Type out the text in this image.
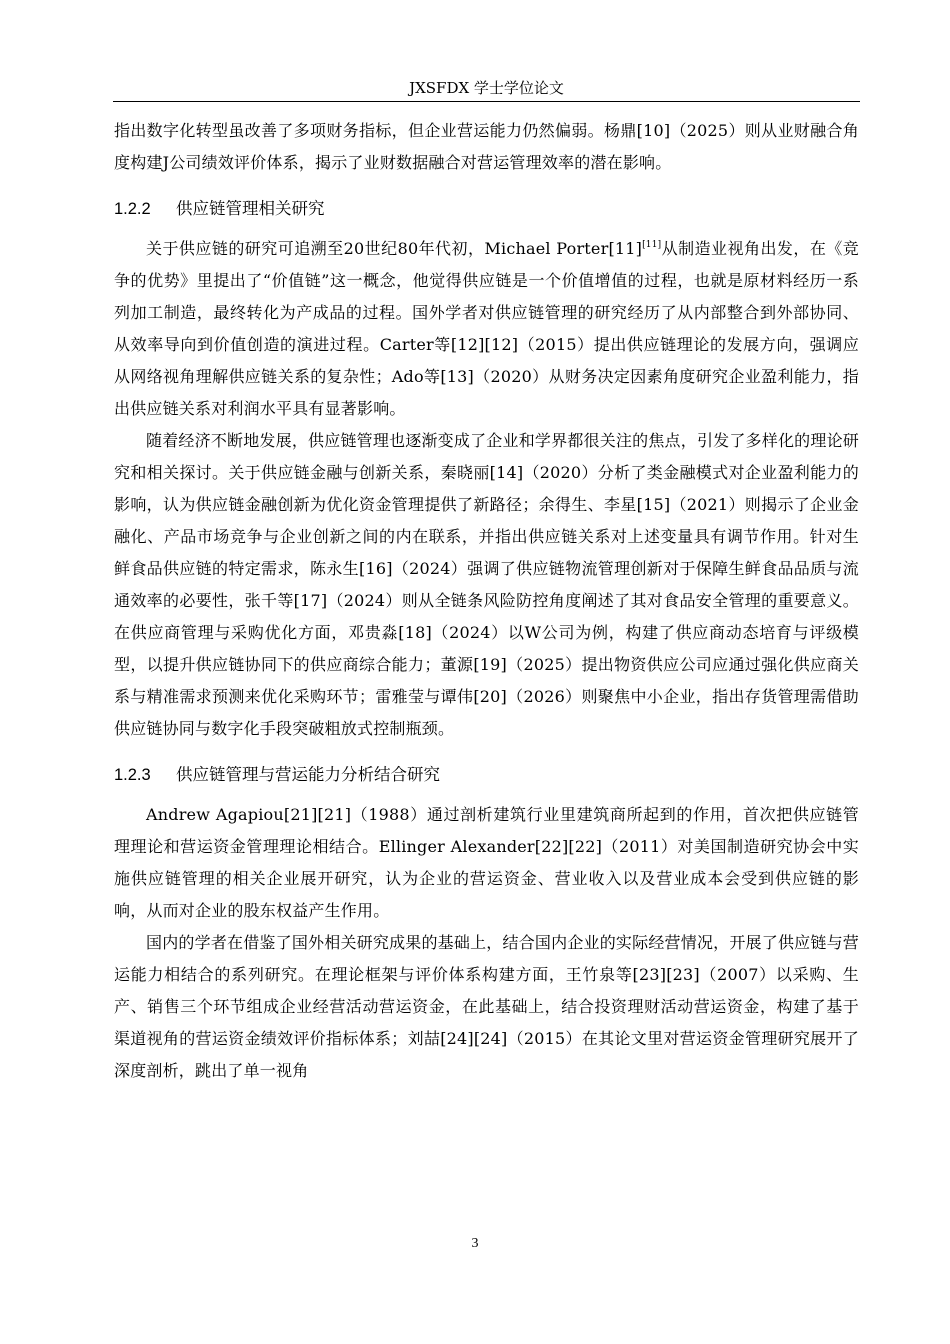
JXSFDX 学士学位论文

指出数字化转型虽改善了多项财务指标，但企业营运能力仍然偏弱。杨鼎[10]（2025）则从业财融合角度构建J公司绩效评价体系，揭示了业财数据融合对营运管理效率的潜在影响。

1.2.2 供应链管理相关研究

关于供应链的研究可追溯至20世纪80年代初，Michael Porter[11][11]从制造业视角出发，在《竞争的优势》里提出了“价值链”这一概念，他觉得供应链是一个价值增值的过程，也就是原材料经历一系列加工制造，最终转化为产成品的过程。国外学者对供应链管理的研究经历了从内部整合到外部协同、从效率导向到价值创造的演进过程。Carter等[12][12]（2015）提出供应链理论的发展方向，强调应从网络视角理解供应链关系的复杂性；Ado等[13]（2020）从财务决定因素角度研究企业盈利能力，指出供应链关系对利润水平具有显著影响。

随着经济不断地发展，供应链管理也逐渐变成了企业和学界都很关注的焦点，引发了多样化的理论研究和相关探讨。关于供应链金融与创新关系，秦晓丽[14]（2020）分析了类金融模式对企业盈利能力的影响，认为供应链金融创新为优化资金管理提供了新路径；余得生、李星[15]（2021）则揭示了企业金融化、产品市场竞争与企业创新之间的内在联系，并指出供应链关系对上述变量具有调节作用。针对生鲜食品供应链的特定需求，陈永生[16]（2024）强调了供应链物流管理创新对于保障生鲜食品品质与流通效率的必要性，张千等[17]（2024）则从全链条风险防控角度阐述了其对食品安全管理的重要意义。在供应商管理与采购优化方面，邓贵淼[18]（2024）以W公司为例，构建了供应商动态培育与评级模型，以提升供应链协同下的供应商综合能力；董源[19]（2025）提出物资供应公司应通过强化供应商关系与精准需求预测来优化采购环节；雷雅莹与谭伟[20]（2026）则聚焦中小企业，指出存货管理需借助供应链协同与数字化手段突破粗放式控制瓶颈。

1.2.3 供应链管理与营运能力分析结合研究

Andrew Agapiou[21][21]（1988）通过剖析建筑行业里建筑商所起到的作用，首次把供应链管理理论和营运资金管理理论相结合。Ellinger Alexander[22][22]（2011）对美国制造研究协会中实施供应链管理的相关企业展开研究，认为企业的营运资金、营业收入以及营业成本会受到供应链的影响，从而对企业的股东权益产生作用。

国内的学者在借鉴了国外相关研究成果的基础上，结合国内企业的实际经营情况，开展了供应链与营运能力相结合的系列研究。在理论框架与评价体系构建方面，王竹泉等[23][23]（2007）以采购、生产、销售三个环节组成企业经营活动营运资金，在此基础上，结合投资理财活动营运资金，构建了基于渠道视角的营运资金绩效评价指标体系；刘喆[24][24]（2015）在其论文里对营运资金管理研究展开了深度剖析，跳出了单一视角

3
